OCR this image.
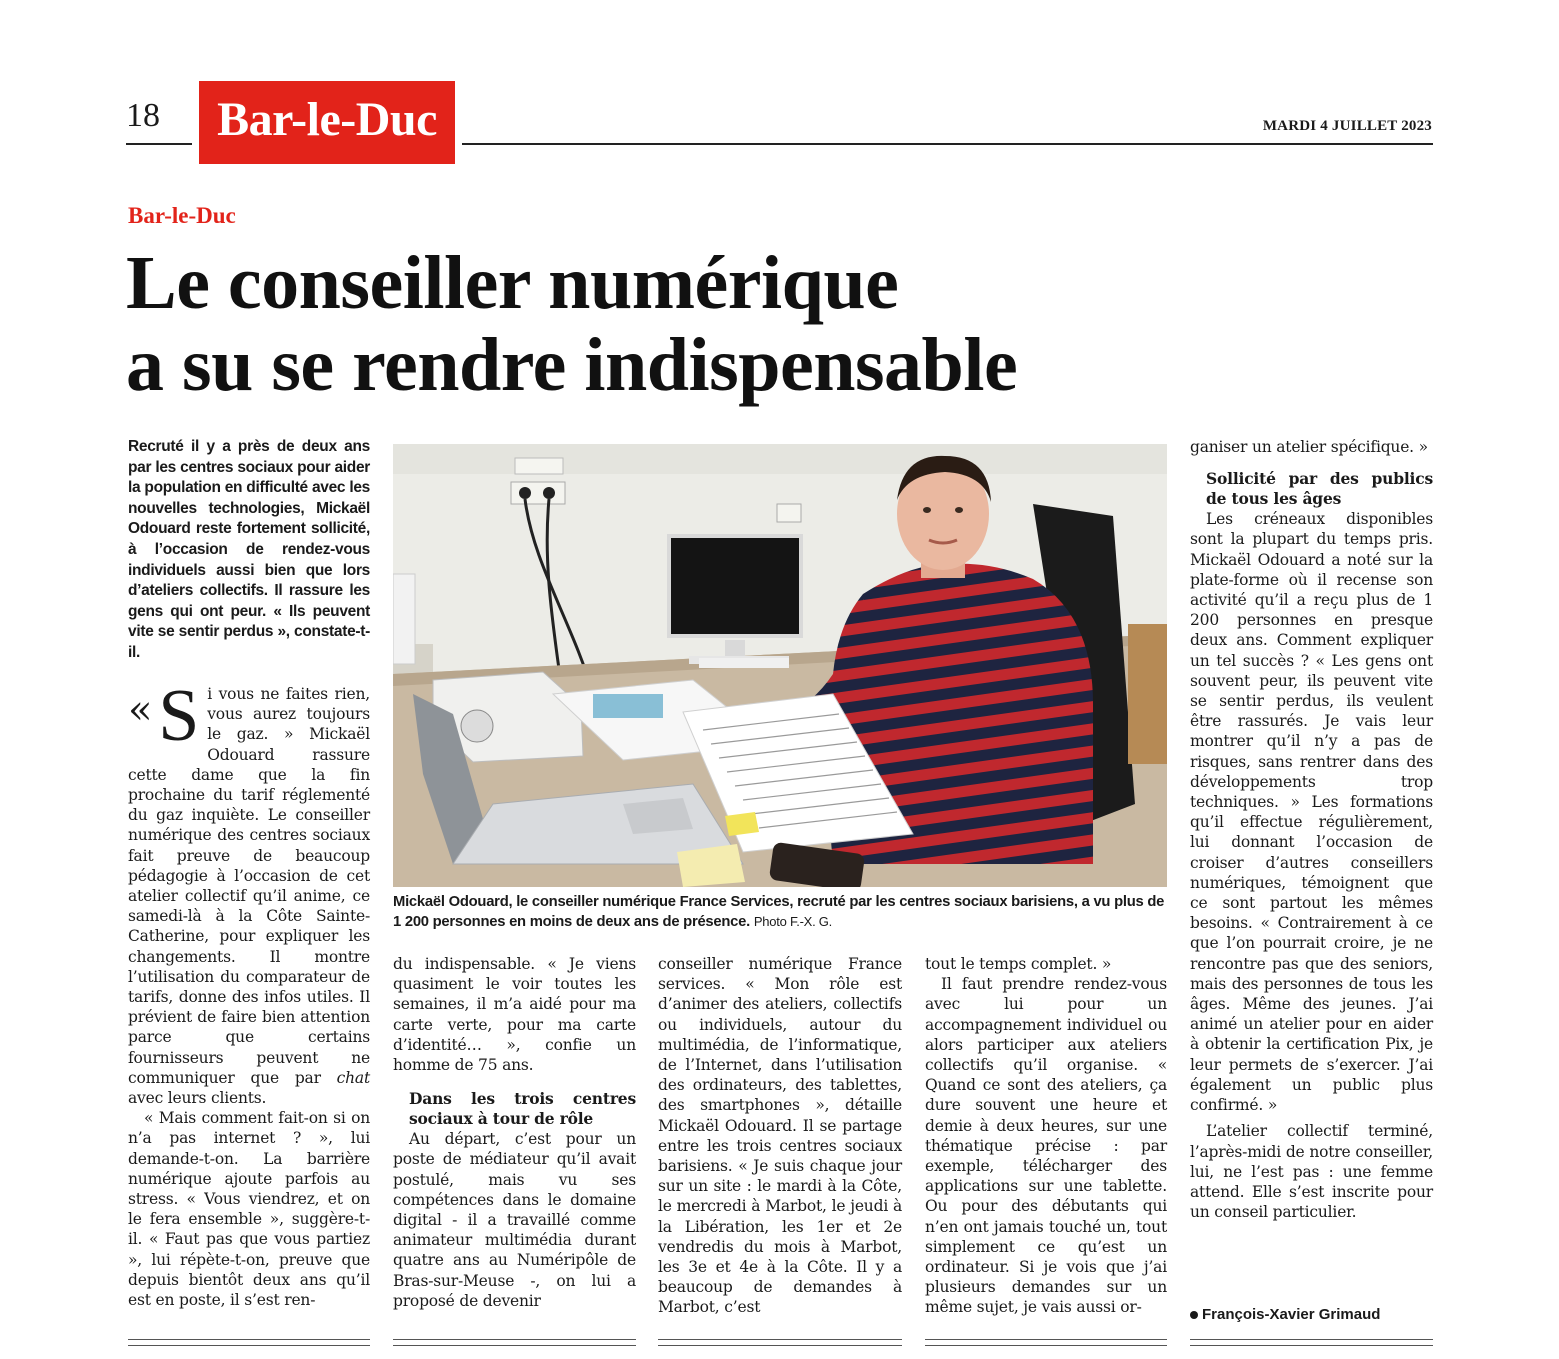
18	Bar-le-Duc	MARDI 4 JUILLET 2023
Bar-le-Duc
Le conseiller numérique
a su se rendre indispensable
Recruté il y a près de deux ans par les centres sociaux pour aider la population en difficulté avec les nouvelles technologies, Mickaël Odouard reste fortement sollicité, à l’occasion de rendez-vous individuels aussi bien que lors d’ateliers collectifs. Il rassure les gens qui ont peur. « Ils peuvent vite se sentir perdus », constate-t-il.

« S i vous ne faites rien, vous aurez toujours le gaz. » Mickaël Odouard rassure cette dame que la fin prochaine du tarif réglementé du gaz inquiète. Le conseiller numérique des centres sociaux fait preuve de beaucoup pédagogie à l’occasion de cet atelier collectif qu’il anime, ce samedi-là à la Côte Sainte-Catherine, pour expliquer les changements. Il montre l’utilisation du comparateur de tarifs, donne des infos utiles. Il prévient de faire bien attention parce que certains fournisseurs peuvent ne communiquer que par chat avec leurs clients.

« Mais comment fait-on si on n’a pas internet ? », lui demande-t-on. La barrière numérique ajoute parfois au stress. « Vous viendrez, et on le fera ensemble », suggère-t-il. « Faut pas que vous partiez », lui répète-t-on, preuve que depuis bientôt deux ans qu’il est en poste, il s’est ren-

Mickaël Odouard, le conseiller numérique France Services, recruté par les centres sociaux barisiens, a vu plus de 1 200 personnes en moins de deux ans de présence. Photo F.-X. G.

du indispensable. « Je viens quasiment le voir toutes les semaines, il m’a aidé pour ma carte verte, pour ma carte d’identité… », confie un homme de 75 ans.

Dans les trois centres sociaux à tour de rôle

Au départ, c’est pour un poste de médiateur qu’il avait postulé, mais vu ses compétences dans le domaine digital - il a travaillé comme animateur multimédia durant quatre ans au Numéripôle de Bras-sur-Meuse -, on lui a proposé de devenir

conseiller numérique France services. « Mon rôle est d’animer des ateliers, collectifs ou individuels, autour du multimédia, de l’informatique, de l’Internet, dans l’utilisation des ordinateurs, des tablettes, des smartphones », détaille Mickaël Odouard. Il se partage entre les trois centres sociaux barisiens. « Je suis chaque jour sur un site : le mardi à la Côte, le mercredi à Marbot, le jeudi à la Libération, les 1er et 2e vendredis du mois à Marbot, les 3e et 4e à la Côte. Il y a beaucoup de demandes à Marbot, c’est

tout le temps complet. »

Il faut prendre rendez-vous avec lui pour un accompagnement individuel ou alors participer aux ateliers collectifs qu’il organise. « Quand ce sont des ateliers, ça dure souvent une heure et demie à deux heures, sur une thématique précise : par exemple, télécharger des applications sur une tablette. Ou pour des débutants qui n’en ont jamais touché un, tout simplement ce qu’est un ordinateur. Si je vois que j’ai plusieurs demandes sur un même sujet, je vais aussi or-

ganiser un atelier spécifique. »

Sollicité par des publics de tous les âges

Les créneaux disponibles sont la plupart du temps pris. Mickaël Odouard a noté sur la plate-forme où il recense son activité qu’il a reçu plus de 1 200 personnes en presque deux ans. Comment expliquer un tel succès ? « Les gens ont souvent peur, ils peuvent vite se sentir perdus, ils veulent être rassurés. Je vais leur montrer qu’il n’y a pas de risques, sans rentrer dans des développements trop techniques. » Les formations qu’il effectue régulièrement, lui donnant l’occasion de croiser d’autres conseillers numériques, témoignent que ce sont partout les mêmes besoins. « Contrairement à ce que l’on pourrait croire, je ne rencontre pas que des seniors, mais des personnes de tous les âges. Même des jeunes. J’ai animé un atelier pour en aider à obtenir la certification Pix, je leur permets de s’exercer. J’ai également un public plus confirmé. »

L’atelier collectif terminé, l’après-midi de notre conseiller, lui, ne l’est pas : une femme attend. Elle s’est inscrite pour un conseil particulier.

François-Xavier Grimaud
